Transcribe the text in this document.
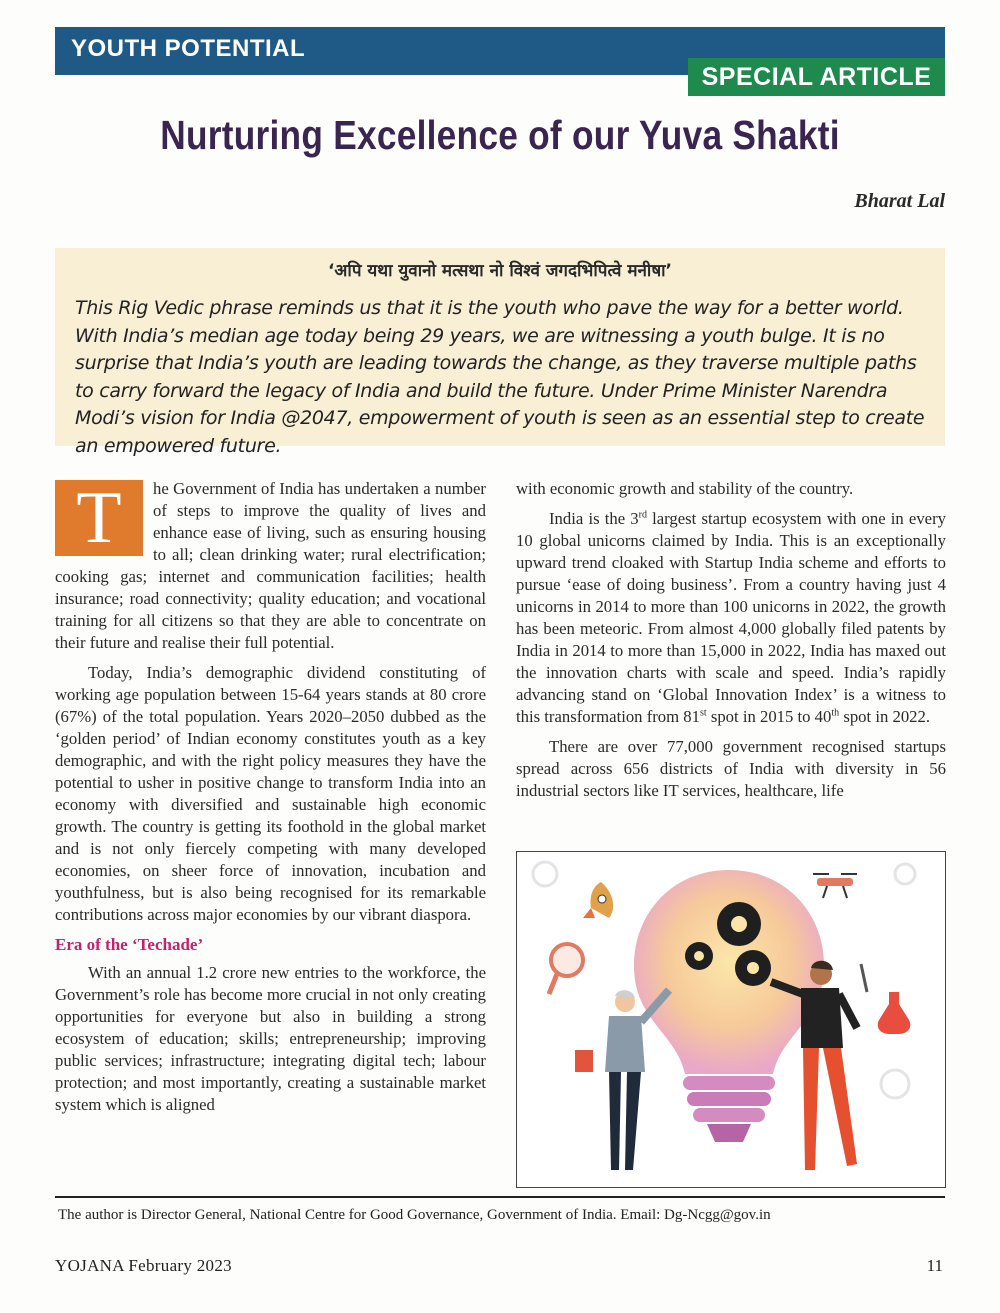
YOUTH POTENTIAL
SPECIAL ARTICLE
Nurturing Excellence of our Yuva Shakti
Bharat Lal
‘अपि यथा युवानो मत्सथा नो विश्वं जगदभिपित्वे मनीषा’
This Rig Vedic phrase reminds us that it is the youth who pave the way for a better world. With India’s median age today being 29 years, we are witnessing a youth bulge. It is no surprise that India’s youth are leading towards the change, as they traverse multiple paths to carry forward the legacy of India and build the future. Under Prime Minister Narendra Modi’s vision for India @2047, empowerment of youth is seen as an essential step to create an empowered future.
T	he Government of India has undertaken a number of steps to improve the quality of lives and enhance ease of living, such as ensuring housing to all; clean drinking water; rural electrification; cooking gas; internet and communication facilities; health insurance; road connectivity; quality education; and vocational training for all citizens so that they are able to concentrate on their future and realise their full potential.

Today, India’s demographic dividend constituting of working age population between 15-64 years stands at 80 crore (67%) of the total population. Years 2020–2050 dubbed as the ‘golden period’ of Indian economy constitutes youth as a key demographic, and with the right policy measures they have the potential to usher in positive change to transform India into an economy with diversified and sustainable high economic growth. The country is getting its foothold in the global market and is not only fiercely competing with many developed economies, on sheer force of innovation, incubation and youthfulness, but is also being recognised for its remarkable contributions across major economies by our vibrant diaspora.

Era of the ‘Techade’

With an annual 1.2 crore new entries to the workforce, the Government’s role has become more crucial in not only creating opportunities for everyone but also in building a strong ecosystem of education; skills; entrepreneurship; improving public services; infrastructure; integrating digital tech; labour protection; and most importantly, creating a sustainable market system which is aligned

with economic growth and stability of the country.

India is the 3rd largest startup ecosystem with one in every 10 global unicorns claimed by India. This is an exceptionally upward trend cloaked with Startup India scheme and efforts to pursue ‘ease of doing business’. From a country having just 4 unicorns in 2014 to more than 100 unicorns in 2022, the growth has been meteoric. From almost 4,000 globally filed patents by India in 2014 to more than 15,000 in 2022, India has maxed out the innovation charts with scale and speed. India’s rapidly advancing stand on ‘Global Innovation Index’ is a witness to this transformation from 81st spot in 2015 to 40th spot in 2022.

There are over 77,000 government recognised startups spread across 656 districts of India with diversity in 56 industrial sectors like IT services, healthcare, life

The author is Director General, National Centre for Good Governance, Government of India. Email: Dg-Ncgg@gov.in
YOJANA February 2023	11
